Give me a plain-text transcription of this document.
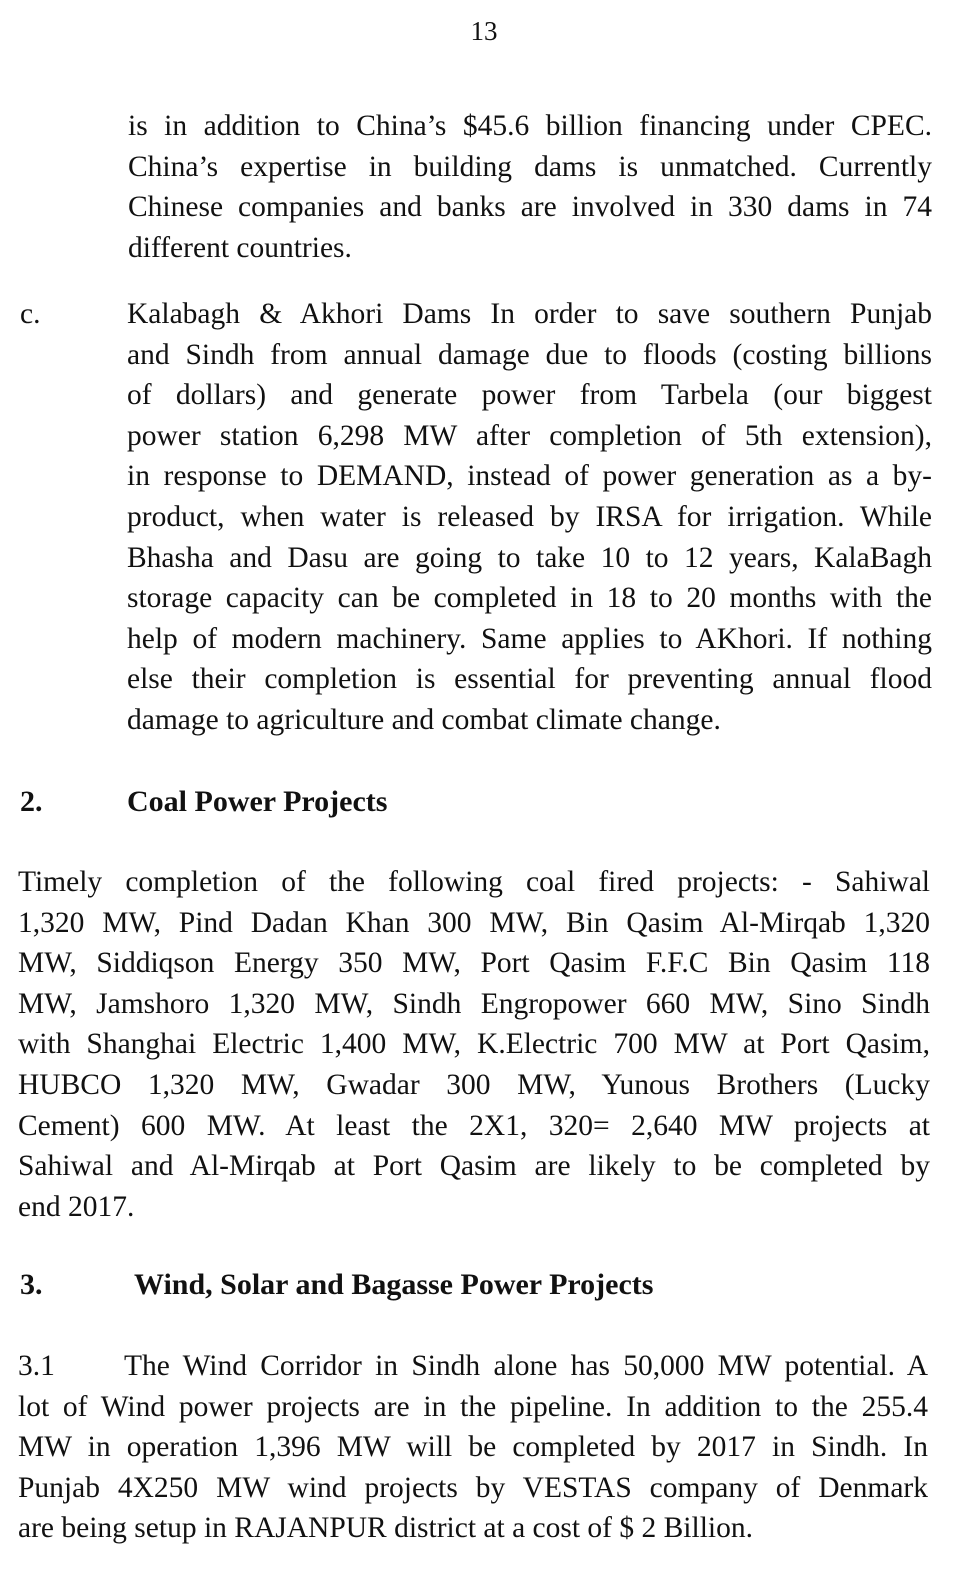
13
is in addition to China’s $45.6 billion financing under CPEC.
China’s expertise in building dams is unmatched. Currently
Chinese companies and banks are involved in 330 dams in 74
different countries.
c.	Kalabagh & Akhori Dams In order to save southern Punjab
and Sindh from annual damage due to floods (costing billions
of dollars) and generate power from Tarbela (our biggest
power station 6,298 MW after completion of 5th extension),
in response to DEMAND, instead of power generation as a by-
product, when water is released by IRSA for irrigation. While
Bhasha and Dasu are going to take 10 to 12 years, KalaBagh
storage capacity can be completed in 18 to 20 months with the
help of modern machinery. Same applies to AKhori. If nothing
else their completion is essential for preventing annual flood
damage to agriculture and combat climate change.
2.	Coal Power Projects
Timely completion of the following coal fired projects: - Sahiwal
1,320 MW, Pind Dadan Khan 300 MW, Bin Qasim Al-Mirqab 1,320
MW, Siddiqson Energy 350 MW, Port Qasim F.F.C Bin Qasim 118
MW, Jamshoro 1,320 MW, Sindh Engropower 660 MW, Sino Sindh
with Shanghai Electric 1,400 MW, K.Electric 700 MW at Port Qasim,
HUBCO 1,320 MW, Gwadar 300 MW, Yunous Brothers (Lucky
Cement) 600 MW. At least the 2X1, 320= 2,640 MW projects at
Sahiwal and Al-Mirqab at Port Qasim are likely to be completed by
end 2017.
3.	Wind, Solar and Bagasse Power Projects
3.1 The Wind Corridor in Sindh alone has 50,000 MW potential. A
lot of Wind power projects are in the pipeline. In addition to the 255.4
MW in operation 1,396 MW will be completed by 2017 in Sindh. In
Punjab 4X250 MW wind projects by VESTAS company of Denmark
are being setup in RAJANPUR district at a cost of $ 2 Billion.
